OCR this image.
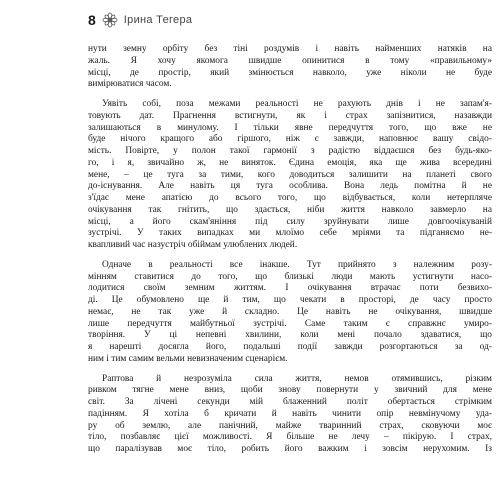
8	Ірина Тегера
нути земну орбіту без тіні роздумів і навіть найменших натяків на
жаль. Я хочу якомога швидше опинитися в тому «правильному»
місці, де простір, який змінюється навколо, уже ніколи не буде
вимірюватися часом.
Уявіть собі, поза межами реальності не рахують днів і не запам'я-
товують дат. Прагнення встигнути, як і страх запізнитися, назавжди
залишаються в минулому. І тільки явне передчуття того, що вже не
буде нічого кращого або гіршого, ніж є завжди, наповнює вашу свідо-
мість. Повірте, у полон такої гармонії з радістю віддаєшся без будь-яко-
го, і я, звичайно ж, не виняток. Єдина емоція, яка ще жива всередині
мене, – це туга за тими, кого доводиться залишити на планеті свого
до-існування. Але навіть ця туга особлива. Вона ледь помітна й не
з'їдає мене апатією до всього того, що відбувається, коли нетерпляче
очікування так гнітить, що здається, ніби життя навколо завмерло на
місці, а його скам'яніння під силу зруйнувати лише довгоочікуваній
зустрічі. У таких випадках ми млоїмо себе мріями та підганяємо не-
квапливий час назустріч обіймам улюблених людей.
Одначе в реальності все інакше. Тут прийнято з належним розу-
мінням ставитися до того, що близькі люди мають устигнути насо-
лодитися своїм земним життям. І очікування втрачає поти безвихо-
ді. Це обумовлено ще й тим, що чекати в просторі, де часу просто
немає, не так уже й складно. Це навіть не очікування, швидше
лише передчуття майбутньої зустрічі. Саме таким є справжнє умиро-
творіння. У ці непевні хвилини, коли мені почало здаватися, що
я нарешті досягла його, подальші події завжди розгортаються за од-
ним і тим самим вельми невизначеним сценарієм.
Раптова й незрозуміла сила життя, немов отямившись, різким
ривком тягне мене вниз, щоби знову повернути у звичний для мене
світ. За лічені секунди мій блаженний політ обертається стрімким
падінням. Я хотіла б кричати й навіть чинити опір невмінучому уда-
ру об землю, але панічний, майже тваринний страх, сковуючи моє
тіло, позбавляє цієї можливості. Я більше не лечу – пікірую. І страх,
що паралізував моє тіло, робить його важким і зовсім нерухомим. Із
